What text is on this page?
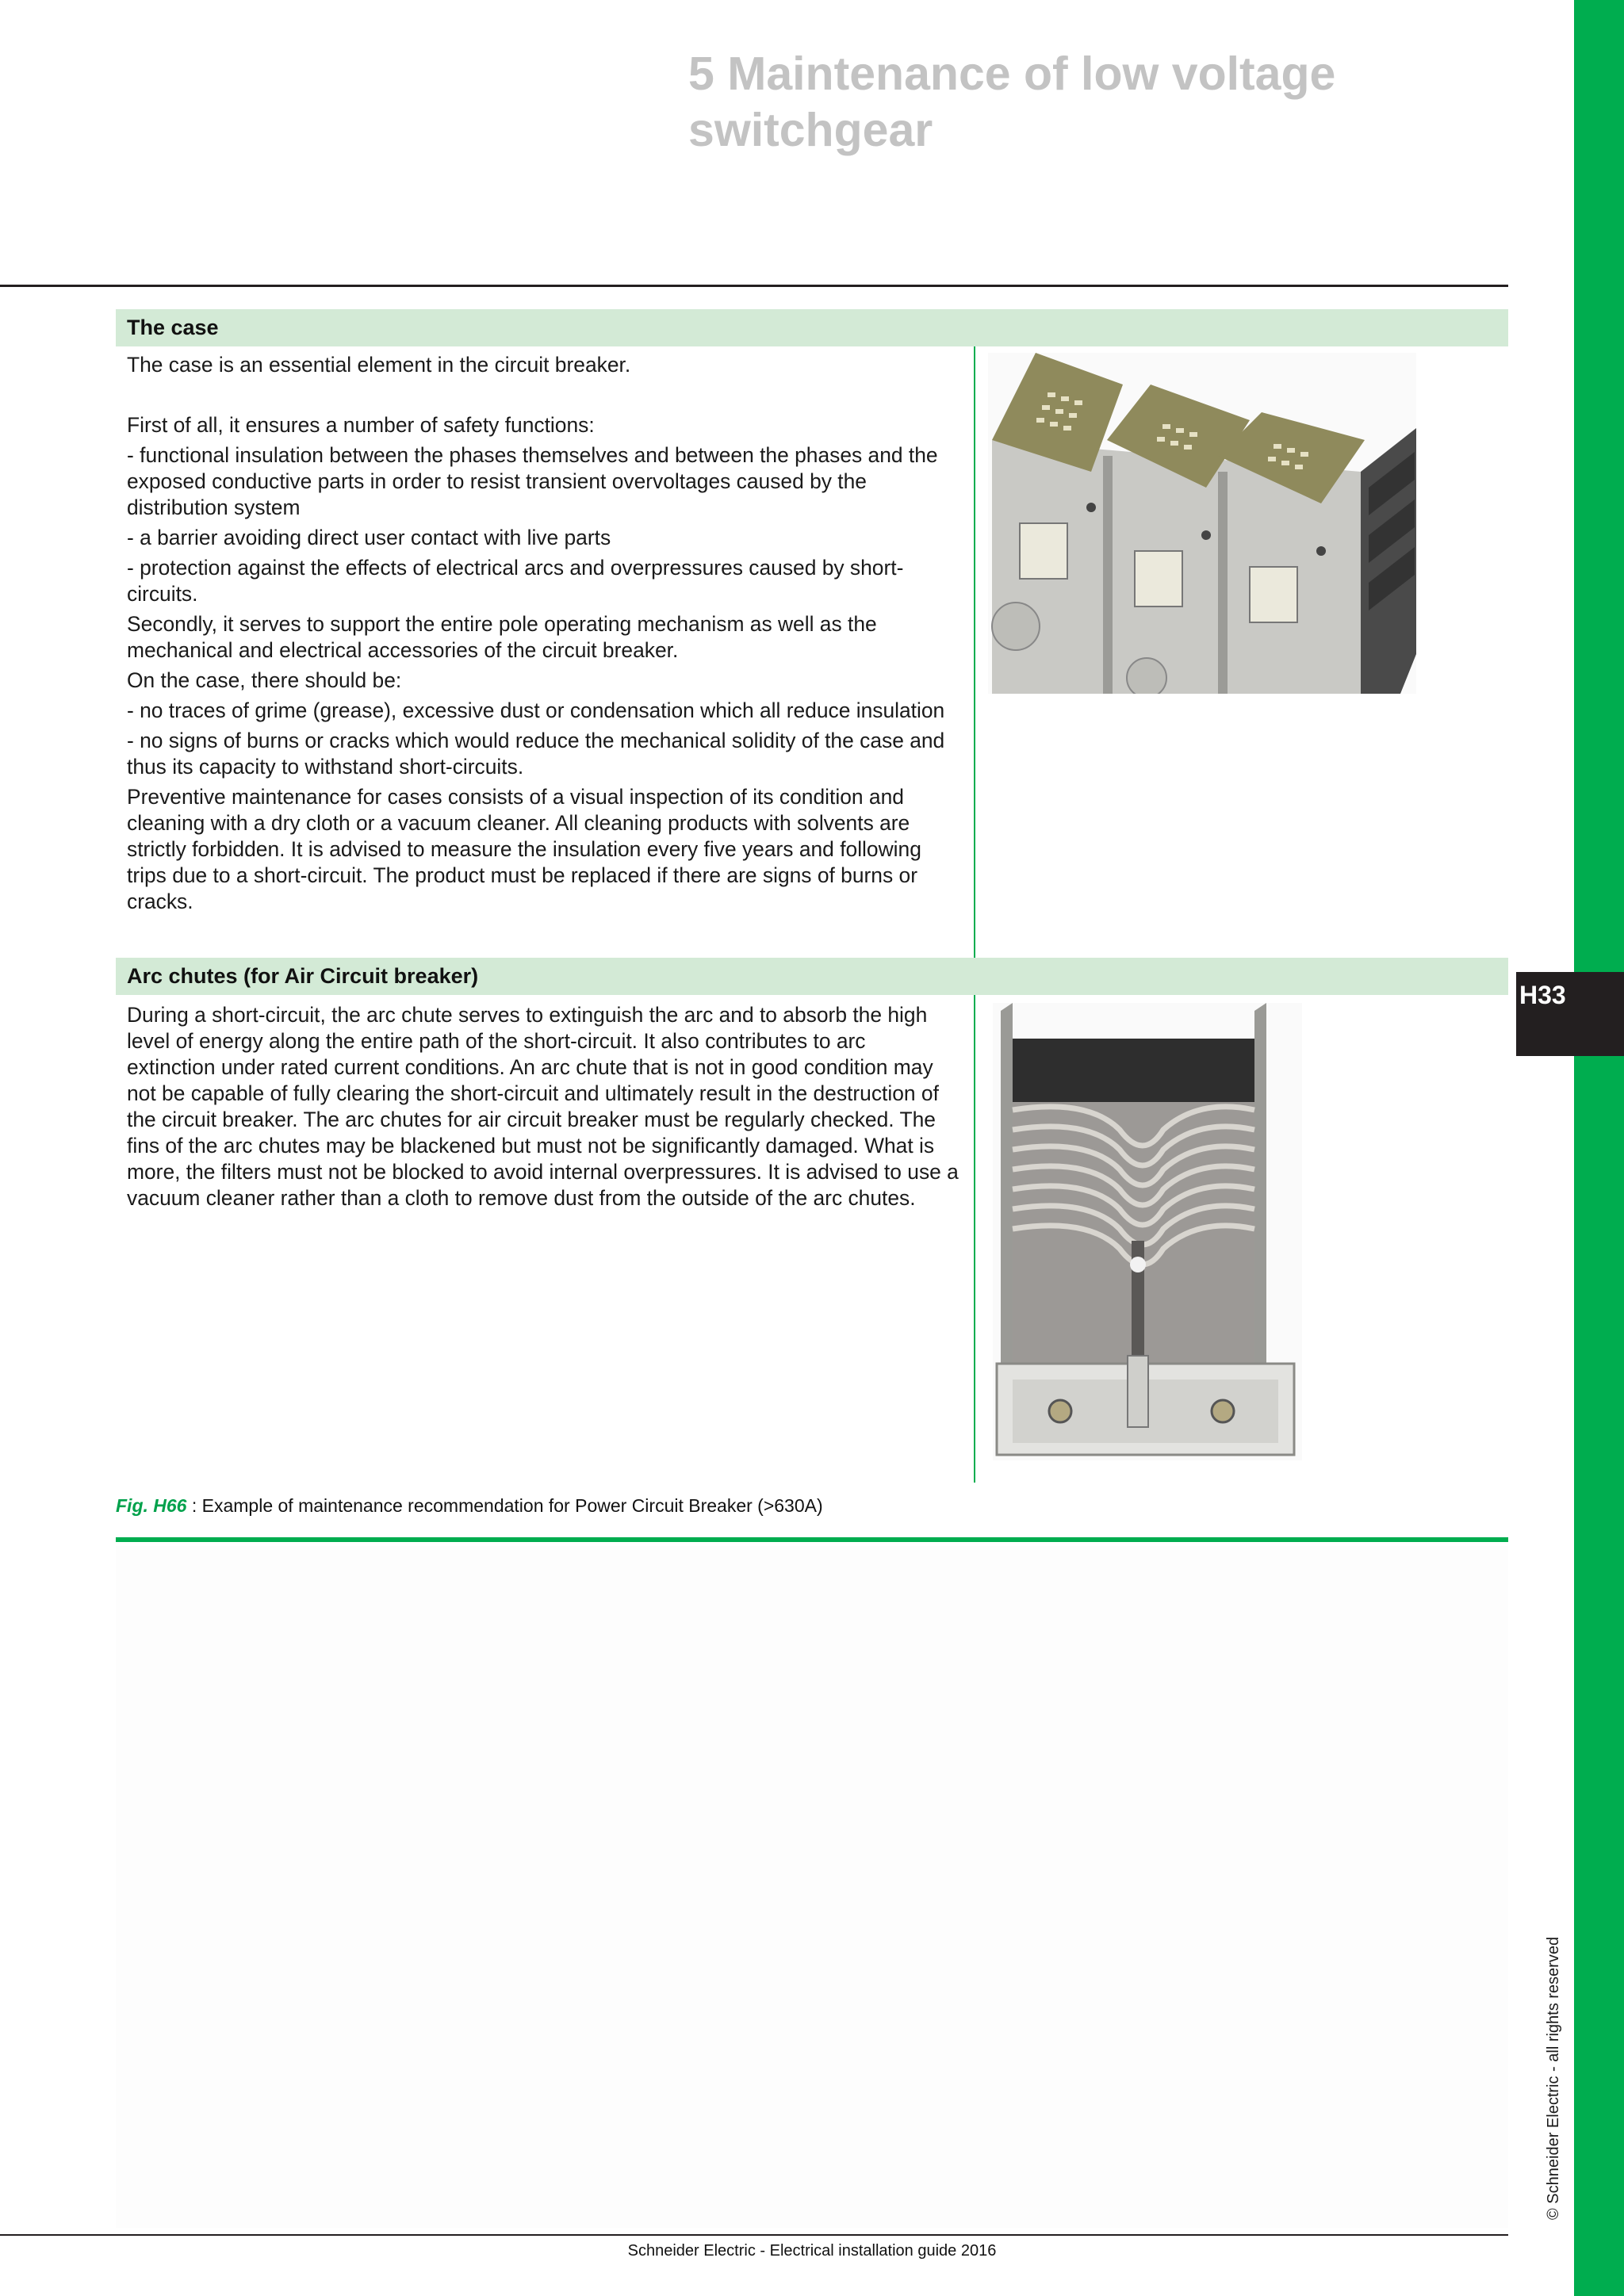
H33
© Schneider Electric - all rights reserved
5 Maintenance of low voltage switchgear
The case

The case is an essential element in the circuit breaker.

First of all, it ensures a number of safety functions:

- functional insulation between the phases themselves and between the phases and the exposed conductive parts in order to resist transient overvoltages caused by the distribution system

- a barrier avoiding direct user contact with live parts

- protection against the effects of electrical arcs and overpressures caused by short-circuits.

Secondly, it serves to support the entire pole operating mechanism as well as the mechanical and electrical accessories of the circuit breaker.

On the case, there should be:

- no traces of grime (grease), excessive dust or condensation which all reduce insulation

- no signs of burns or cracks which would reduce the mechanical solidity of the case and thus its capacity to withstand short-circuits.

Preventive maintenance for cases consists of a visual inspection of its condition and cleaning with a dry cloth or a vacuum cleaner. All cleaning products with solvents are strictly forbidden. It is advised to measure the insulation every five years and following trips due to a short-circuit. The product must be replaced if there are signs of burns or cracks.

Arc chutes (for Air Circuit breaker)

During a short-circuit, the arc chute serves to extinguish the arc and to absorb the high level of energy along the entire path of the short-circuit. It also contributes to arc extinction under rated current conditions. An arc chute that is not in good condition may not be capable of fully clearing the short-circuit and ultimately result in the destruction of the circuit breaker. The arc chutes for air circuit breaker must be regularly checked. The fins of the arc chutes may be blackened but must not be significantly damaged. What is more, the filters must not be blocked to avoid internal overpressures. It is advised to use a vacuum cleaner rather than a cloth to remove dust from the outside of the arc chutes.

Fig. H66 : Example of maintenance recommendation for Power Circuit Breaker (>630A)
Schneider Electric - Electrical installation guide 2016
